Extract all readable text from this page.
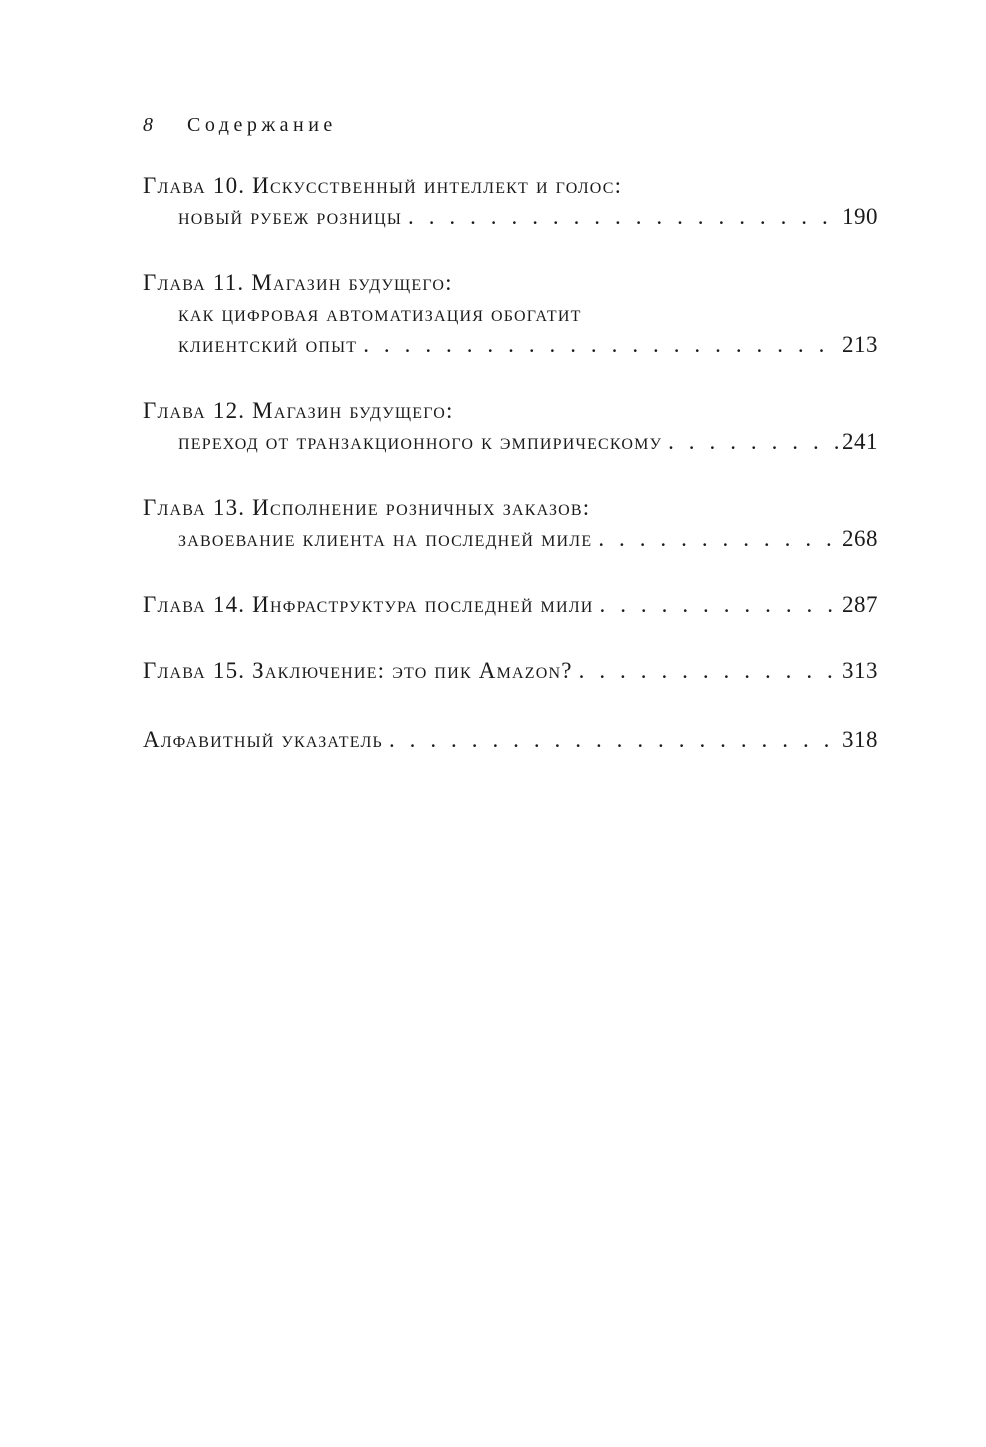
8 Содержание
Глава 10. Искусственный интеллект и голос:
новый рубеж розницы . . .	190
Глава 11. Магазин будущего:
как цифровая автоматизация обогатит
клиентский опыт . . .	213
Глава 12. Магазин будущего:
переход от транзакционного к эмпирическому . . .	241
Глава 13. Исполнение розничных заказов:
завоевание клиента на последней миле . . .	268
Глава 14. Инфраструктура последней мили . . .	287
Глава 15. Заключение: это пик Amazon? . . .	313
Алфавитный указатель . . .	318
